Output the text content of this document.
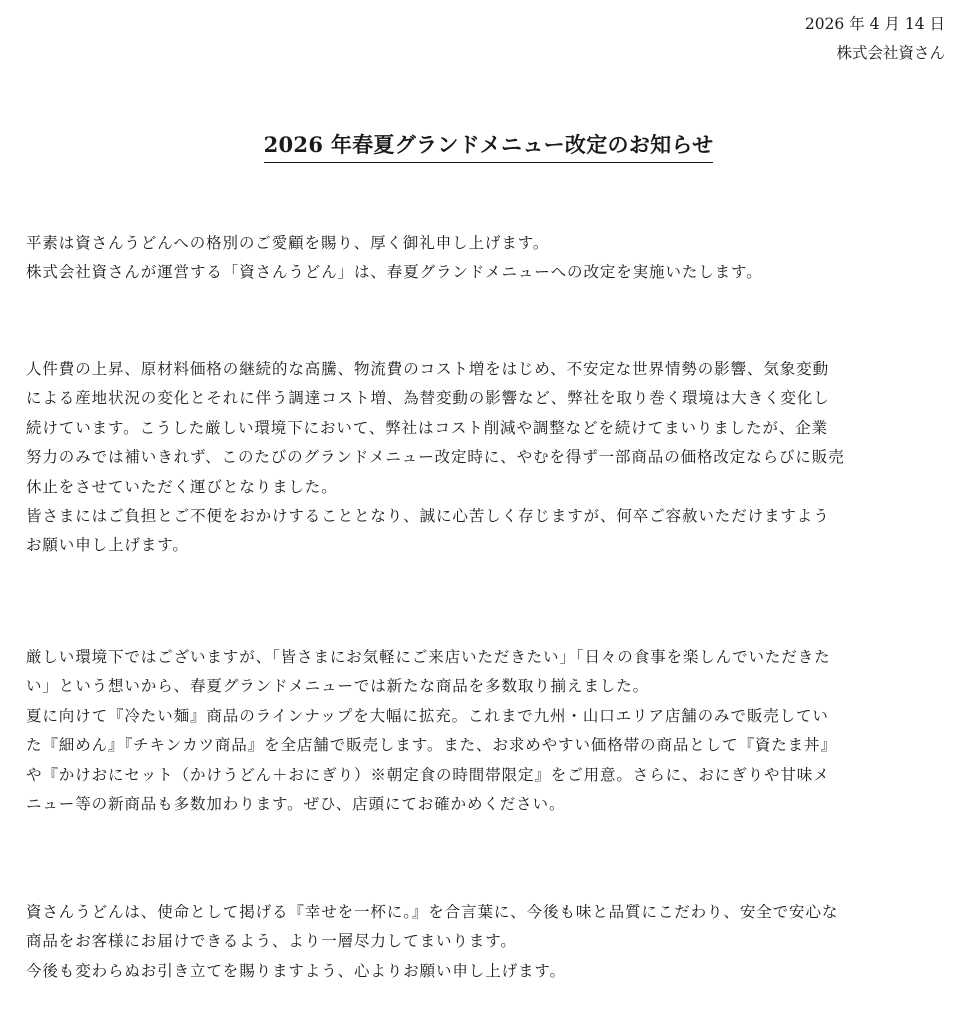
2026 年 4 月 14 日
株式会社資さん
2026 年春夏グランドメニュー改定のお知らせ

平素は資さんうどんへの格別のご愛顧を賜り、厚く御礼申し上げます。

株式会社資さんが運営する「資さんうどん」は、春夏グランドメニューへの改定を実施いたします。

人件費の上昇、原材料価格の継続的な高騰、物流費のコスト増をはじめ、不安定な世界情勢の影響、気象変動

による産地状況の変化とそれに伴う調達コスト増、為替変動の影響など、弊社を取り巻く環境は大きく変化し

続けています。こうした厳しい環境下において、弊社はコスト削減や調整などを続けてまいりましたが、企業

努力のみでは補いきれず、このたびのグランドメニュー改定時に、やむを得ず一部商品の価格改定ならびに販売

休止をさせていただく運びとなりました。

皆さまにはご負担とご不便をおかけすることとなり、誠に心苦しく存じますが、何卒ご容赦いただけますよう

お願い申し上げます。

厳しい環境下ではございますが、「皆さまにお気軽にご来店いただきたい」「日々の食事を楽しんでいただきた

い」という想いから、春夏グランドメニューでは新たな商品を多数取り揃えました。

夏に向けて『冷たい麺』商品のラインナップを大幅に拡充。これまで九州・山口エリア店舗のみで販売してい

た『細めん』『チキンカツ商品』を全店舗で販売します。また、お求めやすい価格帯の商品として『資たま丼』

や『かけおにセット（かけうどん＋おにぎり）※朝定食の時間帯限定』をご用意。さらに、おにぎりや甘味メ

ニュー等の新商品も多数加わります。ぜひ、店頭にてお確かめください。

資さんうどんは、使命として掲げる『幸せを一杯に。』を合言葉に、今後も味と品質にこだわり、安全で安心な

商品をお客様にお届けできるよう、より一層尽力してまいります。

今後も変わらぬお引き立てを賜りますよう、心よりお願い申し上げます。
